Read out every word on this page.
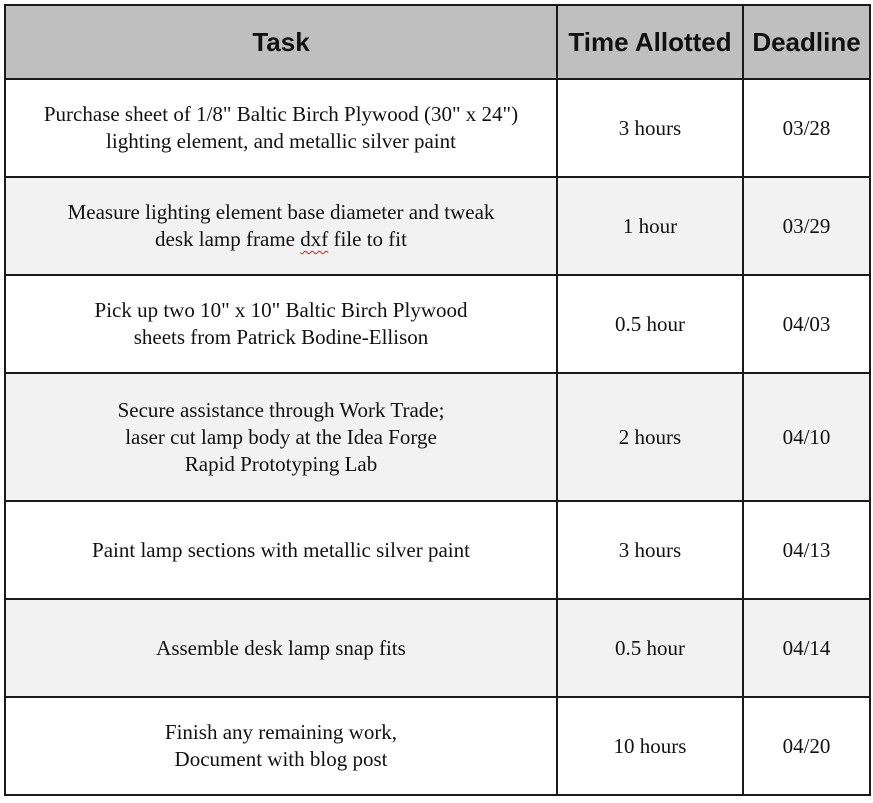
Task	Time Allotted	Deadline

Purchase sheet of 1/8" Baltic Birch Plywood (30" x 24")
lighting element, and metallic silver paint	3 hours	03/28

Measure lighting element base diameter and tweak
desk lamp frame dxf file to fit	1 hour	03/29

Pick up two 10" x 10" Baltic Birch Plywood
sheets from Patrick Bodine-Ellison	0.5 hour	04/03

Secure assistance through Work Trade;
laser cut lamp body at the Idea Forge
Rapid Prototyping Lab	2 hours	04/10

Paint lamp sections with metallic silver paint	3 hours	04/13

Assemble desk lamp snap fits	0.5 hour	04/14

Finish any remaining work,
Document with blog post	10 hours	04/20
